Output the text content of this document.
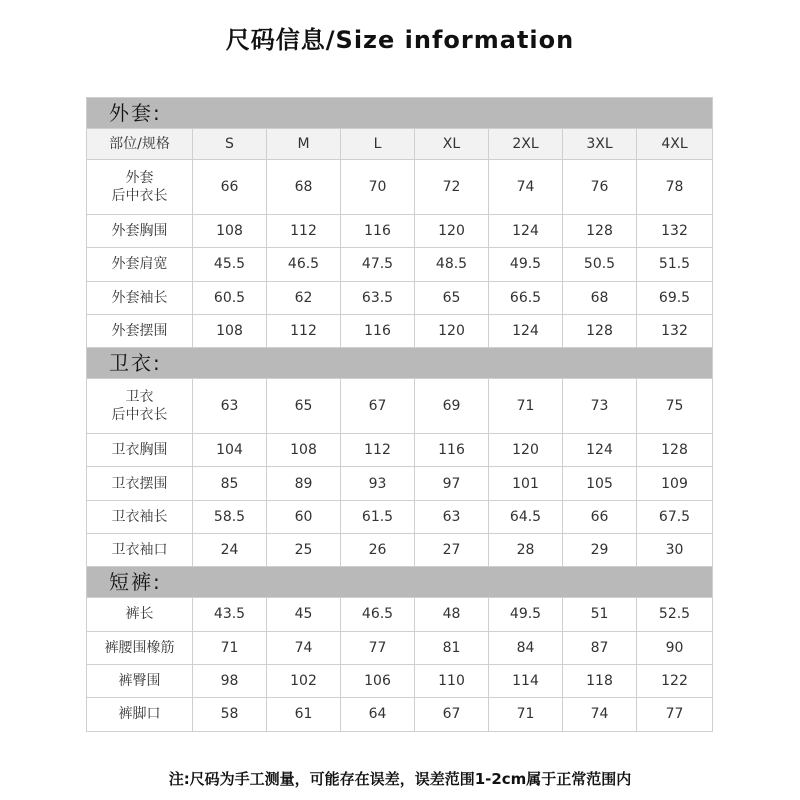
尺码信息/Size information
外套:							
部位/规格	S	M	L	XL	2XL	3XL	4XL
外套
后中衣长	66	68	70	72	74	76	78
外套胸围	108	112	116	120	124	128	132
外套肩宽	45.5	46.5	47.5	48.5	49.5	50.5	51.5
外套袖长	60.5	62	63.5	65	66.5	68	69.5
外套摆围	108	112	116	120	124	128	132
卫衣:							
卫衣
后中衣长	63	65	67	69	71	73	75
卫衣胸围	104	108	112	116	120	124	128
卫衣摆围	85	89	93	97	101	105	109
卫衣袖长	58.5	60	61.5	63	64.5	66	67.5
卫衣袖口	24	25	26	27	28	29	30
短裤:							
裤长	43.5	45	46.5	48	49.5	51	52.5
裤腰围橡筋	71	74	77	81	84	87	90
裤臀围	98	102	106	110	114	118	122
裤脚口	58	61	64	67	71	74	77
注:尺码为手工测量，可能存在误差，误差范围1-2cm属于正常范围内
